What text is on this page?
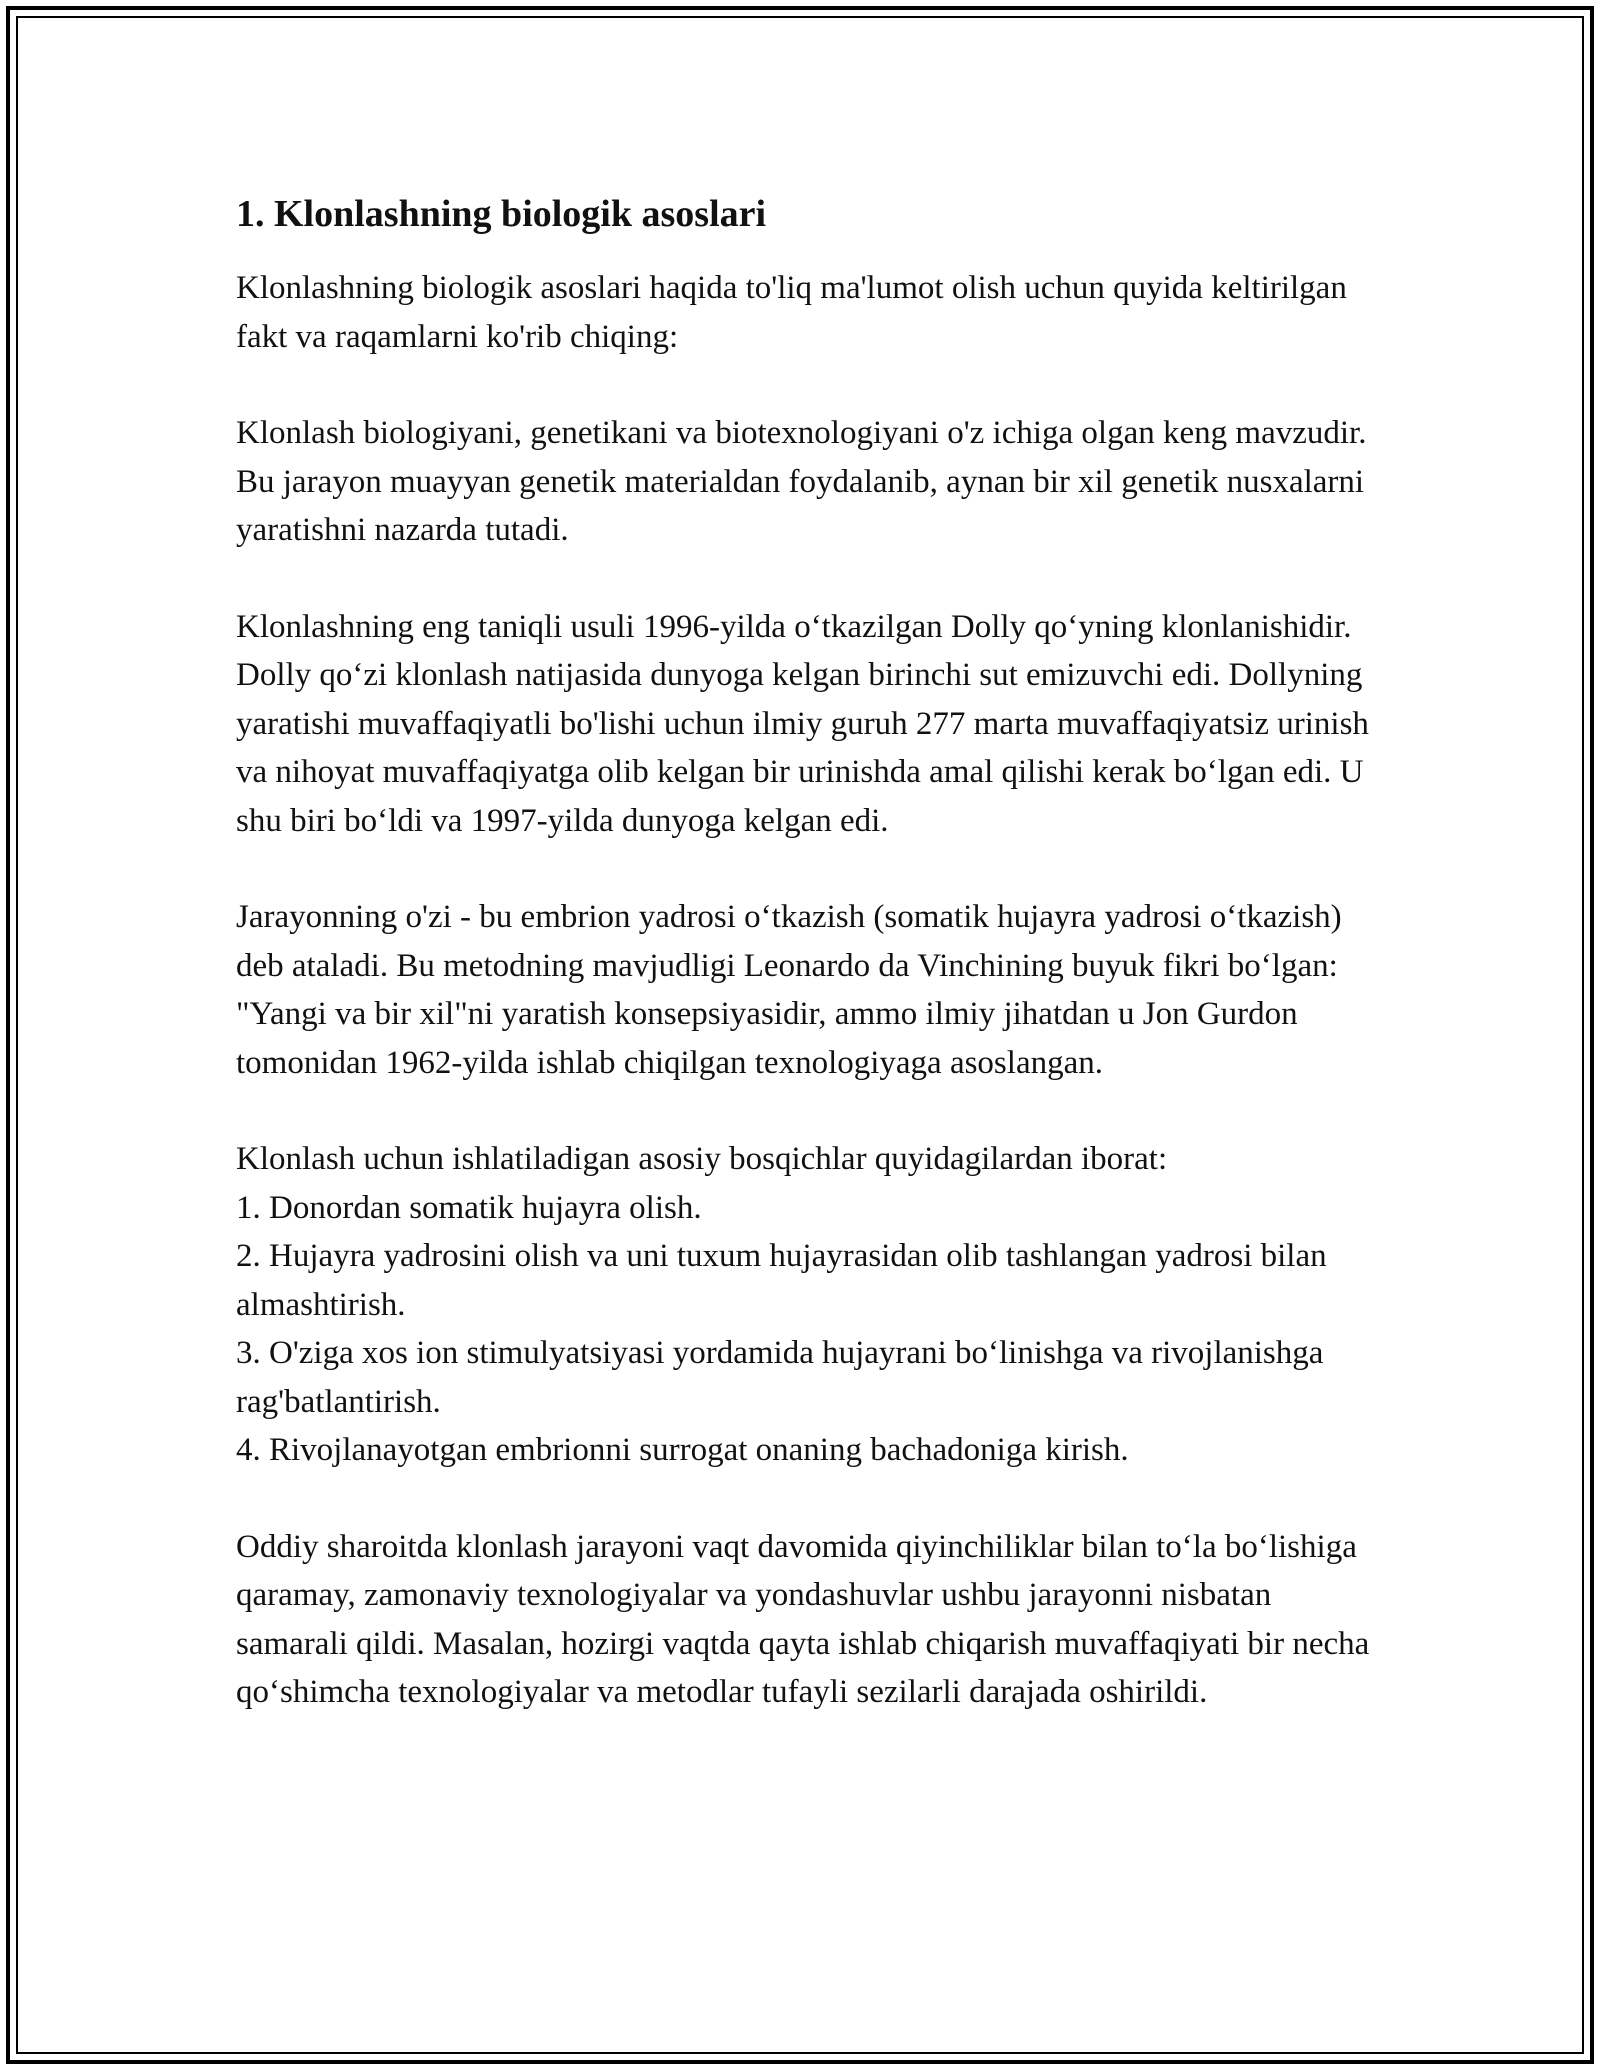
1. Klonlashning biologik asoslari

Klonlashning biologik asoslari haqida to'liq ma'lumot olish uchun quyida keltirilgan fakt va raqamlarni ko'rib chiqing:

Klonlash biologiyani, genetikani va biotexnologiyani o'z ichiga olgan keng mavzudir. Bu jarayon muayyan genetik materialdan foydalanib, aynan bir xil genetik nusxalarni yaratishni nazarda tutadi.

Klonlashning eng taniqli usuli 1996-yilda o‘tkazilgan Dolly qo‘yning klonlanishidir. Dolly qo‘zi klonlash natijasida dunyoga kelgan birinchi sut emizuvchi edi. Dollyning yaratishi muvaffaqiyatli bo'lishi uchun ilmiy guruh 277 marta muvaffaqiyatsiz urinish va nihoyat muvaffaqiyatga olib kelgan bir urinishda amal qilishi kerak bo‘lgan edi. U shu biri bo‘ldi va 1997-yilda dunyoga kelgan edi.

Jarayonning o'zi - bu embrion yadrosi o‘tkazish (somatik hujayra yadrosi o‘tkazish) deb ataladi. Bu metodning mavjudligi Leonardo da Vinchining buyuk fikri bo‘lgan: "Yangi va bir xil"ni yaratish konsepsiyasidir, ammo ilmiy jihatdan u Jon Gurdon tomonidan 1962-yilda ishlab chiqilgan texnologiyaga asoslangan.

Klonlash uchun ishlatiladigan asosiy bosqichlar quyidagilardan iborat:

1. Donordan somatik hujayra olish.

2. Hujayra yadrosini olish va uni tuxum hujayrasidan olib tashlangan yadrosi bilan almashtirish.

3. O'ziga xos ion stimulyatsiyasi yordamida hujayrani bo‘linishga va rivojlanishga rag'batlantirish.

4. Rivojlanayotgan embrionni surrogat onaning bachadoniga kirish.

Oddiy sharoitda klonlash jarayoni vaqt davomida qiyinchiliklar bilan to‘la bo‘lishiga qaramay, zamonaviy texnologiyalar va yondashuvlar ushbu jarayonni nisbatan samarali qildi. Masalan, hozirgi vaqtda qayta ishlab chiqarish muvaffaqiyati bir necha qo‘shimcha texnologiyalar va metodlar tufayli sezilarli darajada oshirildi.
